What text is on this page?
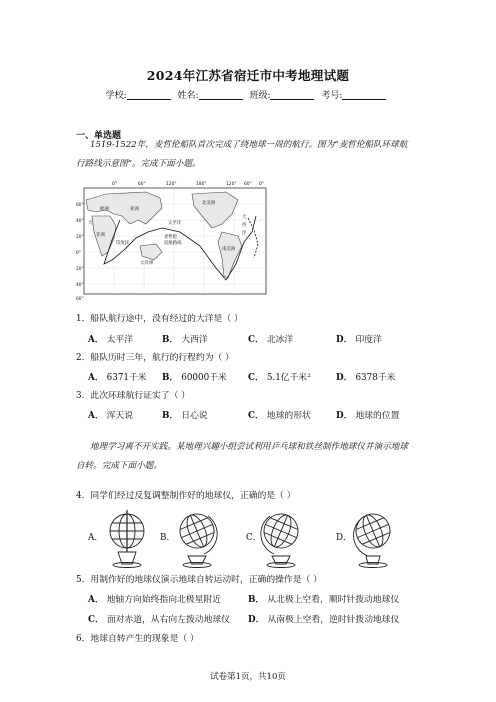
2024年江苏省宿迁市中考地理试题
学校:	姓名:	班级:	考号:
一、单选题
1519-1522年，麦哲伦船队首次完成了绕地球一周的航行。图为“麦哲伦船队环球航
行路线示意图”。完成下面小题。
0°	60°	120°	180°	120° 60° 0°
60°
40°
20°
0°
20°
40°
60°
欧洲	亚洲
非洲
大
印度洋
太平洋
大洋洲
北美洲
大
西
洋
南美洲
麦哲伦
返航路线
1．船队航行途中，没有经过的大洋是（ ）
A． 太平洋	B． 大西洋	C． 北冰洋	D． 印度洋
2．船队历时三年，航行的行程约为（ ）
A． 6371千米 B． 60000千米 C． 5.1亿千米²	D． 6378千米
3．此次环球航行证实了（ ）
A． 浑天说	B． 日心说	C． 地球的形状	D． 地球的位置
地理学习离不开实践。某地理兴趣小组尝试利用乒乓球和铁丝制作地球仪并演示地球
自转。完成下面小题。
4．同学们经过反复调整制作好的地球仪，正确的是（ ）
A．	B．	C．	D．
5．用制作好的地球仪演示地球自转运动时，正确的操作是（ ）
A． 地轴方向始终指向北极星附近	B． 从北极上空看，顺时针拨动地球仪
C． 面对赤道，从右向左拨动地球仪 D． 从南极上空看，逆时针拨动地球仪
6．地球自转产生的现象是（ ）
试卷第1页，共10页
